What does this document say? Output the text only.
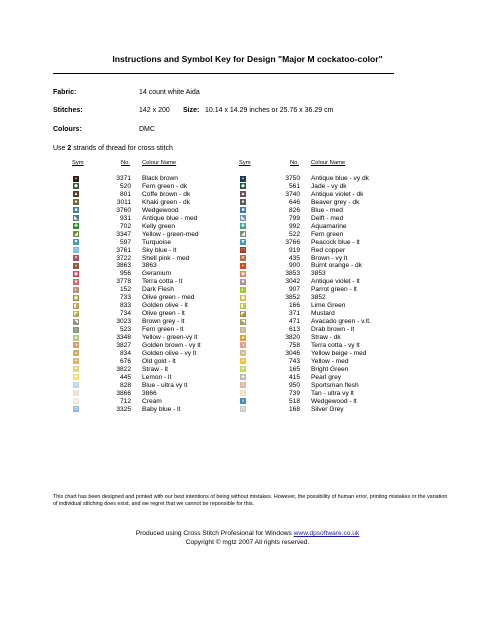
Instructions and Symbol Key for Design "Major M cockatoo-color"
Fabric:	14 count white Aida
Stitches:	142 x 200 Size: 10.14 x 14.29 inches or 25.76 x 36.29 cm
Colours:	DMC
Use 2 strands of thread for cross stitch
Sym	No. Colour Name	Sym	No. Colour Name
▪	3371 Black brown
◆	520 Fern green - dk
▲	801 Coffe brown - dk
●	3011 Khaki green - dk
■	3760 Wedgewood
◣	931 Antique blue - med
✚	702 Kelly green
◢	3347 Yellow - green-med
▼	597 Turquoise
□	3761 Sky blue - lt
✕	3722 Shell pink - med
◗	3863 3863
◉	956 Geranium
★	3778 Terra cotta - lt
◐	152 Dark Flesh
▣	733 Olive green - med
◧	833 Golden olive - lt
◤	734 Olive green - lt
◥	3023 Brown grey - lt
○	523 Fern green - lt
♦	3348 Yellow - green-vy lt
◑	3827 Golden brown - vy lt
◒	834 Golden olive - vy lt
◓	676 Old gold - lt
✦	3822 Straw - lt
♣	445 Lemon - lt
◊	828 Blue - ultra vy lt
▯	3866 3866
◖	712 Cream
◘	3325 Baby blue - lt
▪	3750 Antique blue - vy dk
◆	561 Jade - vy dk
▲	3740 Antique violet - dk
●	646 Beaver grey - dk
■	826 Blue - med
◣	799 Delft - med
✚	992 Aquamarine
◢	522 Fern green
▼	3766 Peacock blue - lt
□	919 Red copper
✕	435 Brown - vy lt
◗	900 Burnt orange - dk
◉	3853 3853
★	3042 Antique violet - lt
◐	907 Parrot green - lt
▣	3852 3852
◧	166 Lime Green
◤	371 Mustard
◥	471 Avacado green - v.lt.
○	613 Drab brown - lt
♦	3820 Straw - dk
◑	758 Terra cotta - vy lt
◒	3046 Yellow beige - med
◓	743 Yellow - med
✦	165 Bright Green
♣	415 Pearl grey
◊	950 Sportsman flesh
▯	739 Tan - ultra vy lt
◖	518 Wedgewood - lt
◘	168 Silver Grey
This chart has been designed and printed with our best intentions of being without mistakes. However, the possibility of human error, printing mistakes or the variation of individual stitching does exist, and we regret that we cannot be reponsible for this.
Produced using Cross Stitch Profesional for Windows www.dpsoftware.co.uk
Copyright © mgtz 2007 All rights reserved.
